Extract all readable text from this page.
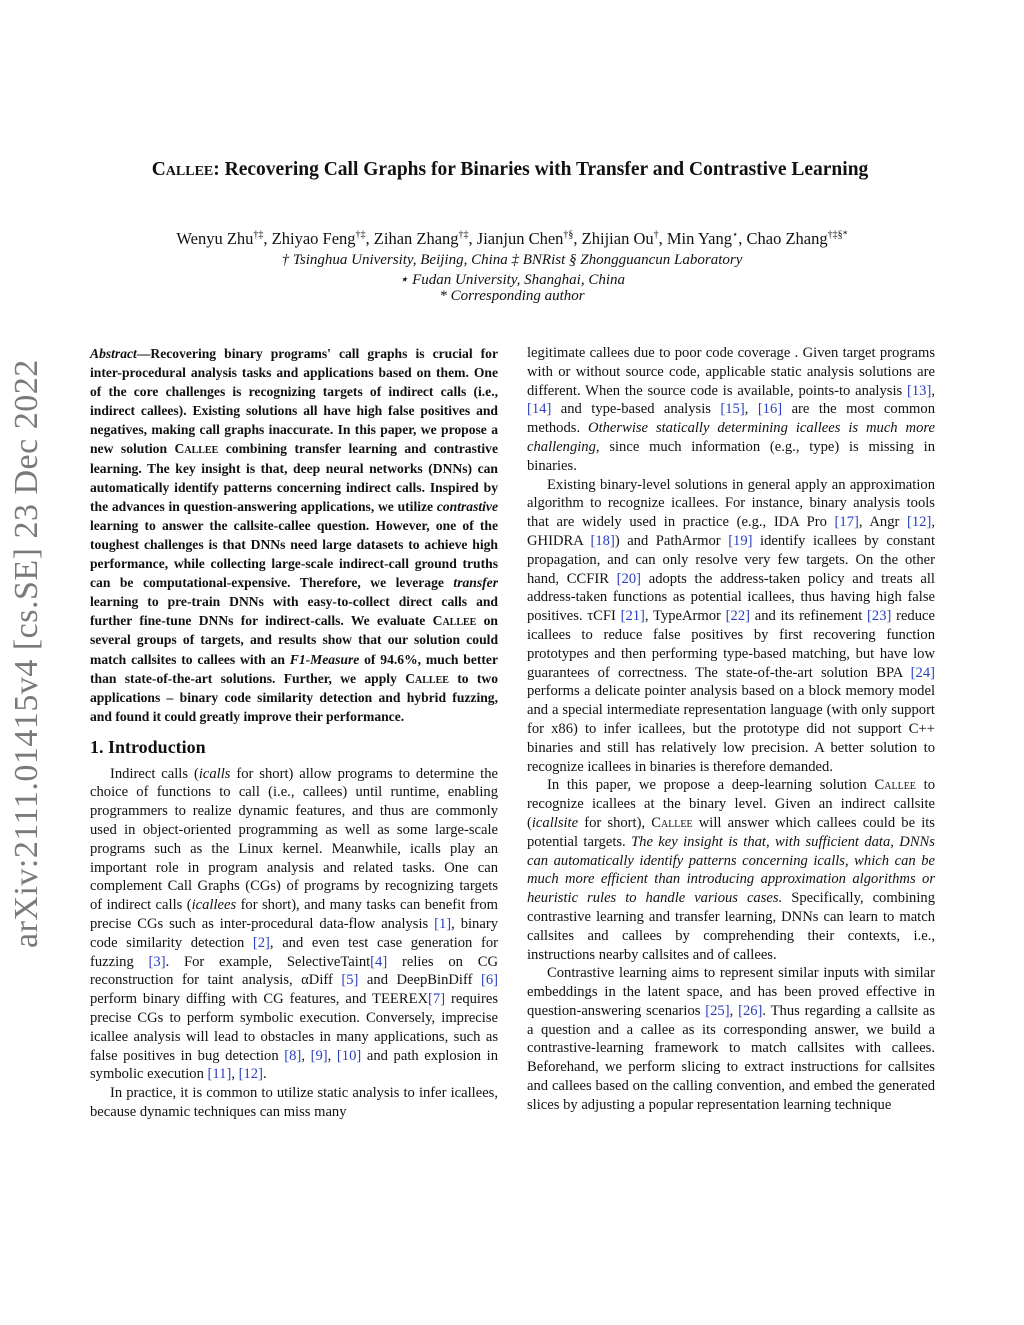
arXiv:2111.01415v4 [cs.SE] 23 Dec 2022
Callee: Recovering Call Graphs for Binaries with Transfer and Contrastive Learning
Wenyu Zhu†‡, Zhiyao Feng†‡, Zihan Zhang†‡, Jianjun Chen†§, Zhijian Ou†, Min Yang⋆, Chao Zhang†‡§*
† Tsinghua University, Beijing, China ‡ BNRist § Zhongguancun Laboratory
⋆ Fudan University, Shanghai, China
* Corresponding author

Abstract—Recovering binary programs' call graphs is crucial for inter-procedural analysis tasks and applications based on them. One of the core challenges is recognizing targets of indirect calls (i.e., indirect callees). Existing solutions all have high false positives and negatives, making call graphs inaccurate. In this paper, we propose a new solution Callee combining transfer learning and contrastive learning. The key insight is that, deep neural networks (DNNs) can automatically identify patterns concerning indirect calls. Inspired by the advances in question-answering applications, we utilize contrastive learning to answer the callsite-callee question. However, one of the toughest challenges is that DNNs need large datasets to achieve high performance, while collecting large-scale indirect-call ground truths can be computational-expensive. Therefore, we leverage transfer learning to pre-train DNNs with easy-to-collect direct calls and further fine-tune DNNs for indirect-calls. We evaluate Callee on several groups of targets, and results show that our solution could match callsites to callees with an F1-Measure of 94.6%, much better than state-of-the-art solutions. Further, we apply Callee to two applications – binary code similarity detection and hybrid fuzzing, and found it could greatly improve their performance.

1. Introduction

Indirect calls (icalls for short) allow programs to determine the choice of functions to call (i.e., callees) until runtime, enabling programmers to realize dynamic features, and thus are commonly used in object-oriented programming as well as some large-scale programs such as the Linux kernel. Meanwhile, icalls play an important role in program analysis and related tasks. One can complement Call Graphs (CGs) of programs by recognizing targets of indirect calls (icallees for short), and many tasks can benefit from precise CGs such as inter-procedural data-flow analysis [1], binary code similarity detection [2], and even test case generation for fuzzing [3]. For example, SelectiveTaint[4] relies on CG reconstruction for taint analysis, αDiff [5] and DeepBinDiff [6] perform binary diffing with CG features, and TEEREX[7] requires precise CGs to perform symbolic execution. Conversely, imprecise icallee analysis will lead to obstacles in many applications, such as false positives in bug detection [8], [9], [10] and path explosion in symbolic execution [11], [12].

In practice, it is common to utilize static analysis to infer icallees, because dynamic techniques can miss many

legitimate callees due to poor code coverage . Given target programs with or without source code, applicable static analysis solutions are different. When the source code is available, points-to analysis [13], [14] and type-based analysis [15], [16] are the most common methods. Otherwise statically determining icallees is much more challenging, since much information (e.g., type) is missing in binaries.

Existing binary-level solutions in general apply an approximation algorithm to recognize icallees. For instance, binary analysis tools that are widely used in practice (e.g., IDA Pro [17], Angr [12], GHIDRA [18]) and PathArmor [19] identify icallees by constant propagation, and can only resolve very few targets. On the other hand, CCFIR [20] adopts the address-taken policy and treats all address-taken functions as potential icallees, thus having high false positives. τCFI [21], TypeArmor [22] and its refinement [23] reduce icallees to reduce false positives by first recovering function prototypes and then performing type-based matching, but have low guarantees of correctness. The state-of-the-art solution BPA [24] performs a delicate pointer analysis based on a block memory model and a special intermediate representation language (with only support for x86) to infer icallees, but the prototype did not support C++ binaries and still has relatively low precision. A better solution to recognize icallees in binaries is therefore demanded.

In this paper, we propose a deep-learning solution Callee to recognize icallees at the binary level. Given an indirect callsite (icallsite for short), Callee will answer which callees could be its potential targets. The key insight is that, with sufficient data, DNNs can automatically identify patterns concerning icalls, which can be much more efficient than introducing approximation algorithms or heuristic rules to handle various cases. Specifically, combining contrastive learning and transfer learning, DNNs can learn to match callsites and callees by comprehending their contexts, i.e., instructions nearby callsites and of callees.

Contrastive learning aims to represent similar inputs with similar embeddings in the latent space, and has been proved effective in question-answering scenarios [25], [26]. Thus regarding a callsite as a question and a callee as its corresponding answer, we build a contrastive-learning framework to match callsites with callees. Beforehand, we perform slicing to extract instructions for callsites and callees based on the calling convention, and embed the generated slices by adjusting a popular representation learning technique
